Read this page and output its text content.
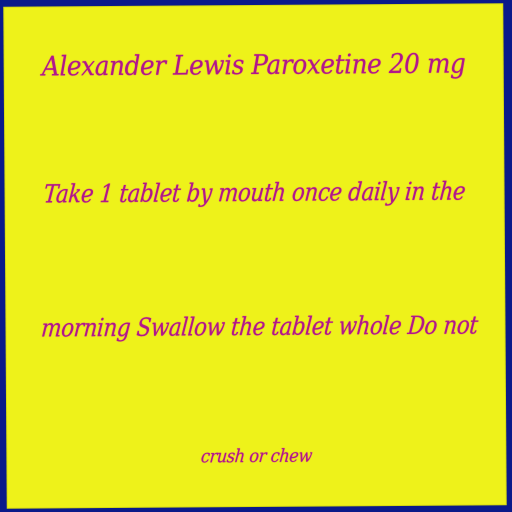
Alexander Lewis Paroxetine 20 mg
Take 1 tablet by mouth once daily in the
morning Swallow the tablet whole Do not
crush or chew
